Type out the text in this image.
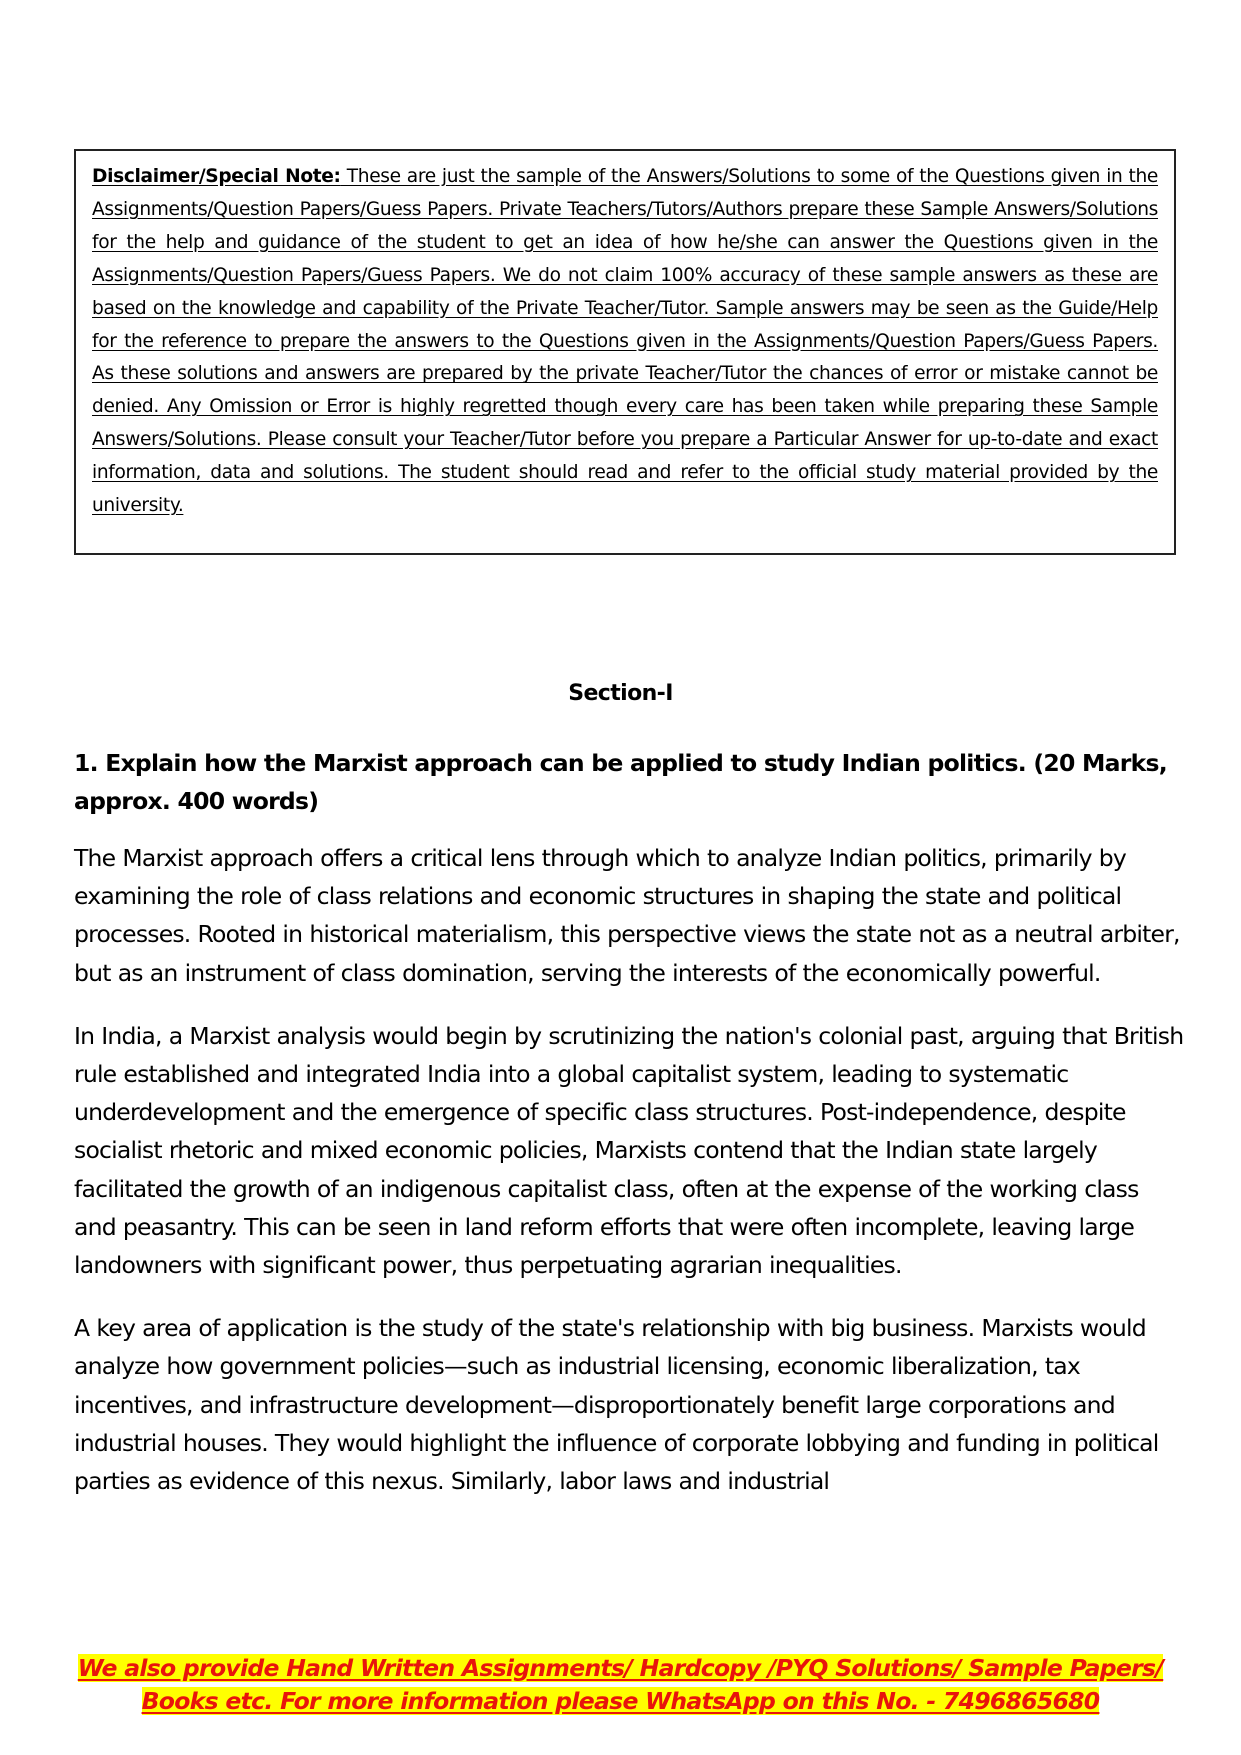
Disclaimer/Special Note: These are just the sample of the Answers/Solutions to some of the Questions given in the Assignments/Question Papers/Guess Papers. Private Teachers/Tutors/Authors prepare these Sample Answers/Solutions for the help and guidance of the student to get an idea of how he/she can answer the Questions given in the Assignments/Question Papers/Guess Papers. We do not claim 100% accuracy of these sample answers as these are based on the knowledge and capability of the Private Teacher/Tutor. Sample answers may be seen as the Guide/Help for the reference to prepare the answers to the Questions given in the Assignments/Question Papers/Guess Papers. As these solutions and answers are prepared by the private Teacher/Tutor the chances of error or mistake cannot be denied. Any Omission or Error is highly regretted though every care has been taken while preparing these Sample Answers/Solutions. Please consult your Teacher/Tutor before you prepare a Particular Answer for up-to-date and exact information, data and solutions. The student should read and refer to the official study material provided by the university.
Section-I

1. Explain how the Marxist approach can be applied to study Indian politics. (20 Marks, approx. 400 words)

The Marxist approach offers a critical lens through which to analyze Indian politics, primarily by examining the role of class relations and economic structures in shaping the state and political processes. Rooted in historical materialism, this perspective views the state not as a neutral arbiter, but as an instrument of class domination, serving the interests of the economically powerful.

In India, a Marxist analysis would begin by scrutinizing the nation's colonial past, arguing that British rule established and integrated India into a global capitalist system, leading to systematic underdevelopment and the emergence of specific class structures. Post-independence, despite socialist rhetoric and mixed economic policies, Marxists contend that the Indian state largely facilitated the growth of an indigenous capitalist class, often at the expense of the working class and peasantry. This can be seen in land reform efforts that were often incomplete, leaving large landowners with significant power, thus perpetuating agrarian inequalities.

A key area of application is the study of the state's relationship with big business. Marxists would analyze how government policies—such as industrial licensing, economic liberalization, tax incentives, and infrastructure development—disproportionately benefit large corporations and industrial houses. They would highlight the influence of corporate lobbying and funding in political parties as evidence of this nexus. Similarly, labor laws and industrial

We also provide Hand Written Assignments/ Hardcopy /PYQ Solutions/ Sample Papers/
Books etc. For more information please WhatsApp on this No. - 7496865680
